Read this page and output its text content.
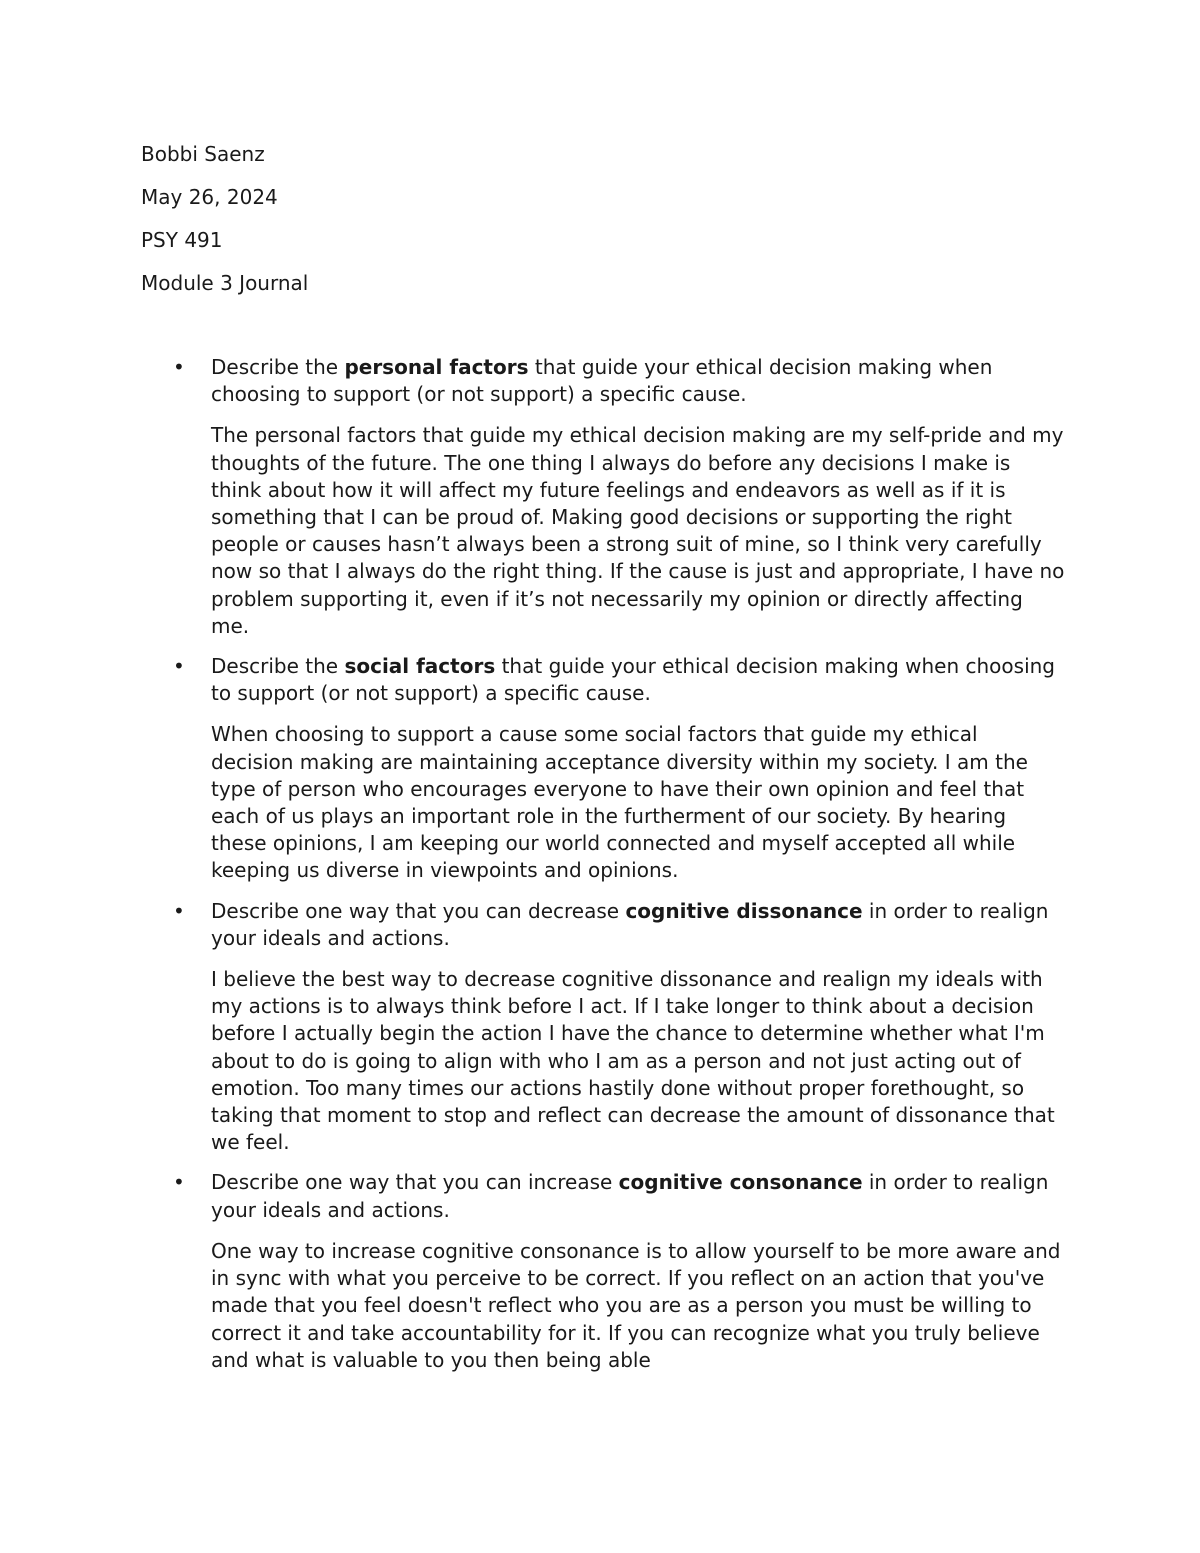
Bobbi Saenz
May 26, 2024
PSY 491
Module 3 Journal
• Describe the personal factors that guide your ethical decision making when choosing to support (or not support) a specific cause.
The personal factors that guide my ethical decision making are my self-pride and my thoughts of the future. The one thing I always do before any decisions I make is think about how it will affect my future feelings and endeavors as well as if it is something that I can be proud of. Making good decisions or supporting the right people or causes hasn’t always been a strong suit of mine, so I think very carefully now so that I always do the right thing. If the cause is just and appropriate, I have no problem supporting it, even if it’s not necessarily my opinion or directly affecting me.
• Describe the social factors that guide your ethical decision making when choosing to support (or not support) a specific cause.
When choosing to support a cause some social factors that guide my ethical decision making are maintaining acceptance diversity within my society. I am the type of person who encourages everyone to have their own opinion and feel that each of us plays an important role in the furtherment of our society. By hearing these opinions, I am keeping our world connected and myself accepted all while keeping us diverse in viewpoints and opinions.
• Describe one way that you can decrease cognitive dissonance in order to realign your ideals and actions.
I believe the best way to decrease cognitive dissonance and realign my ideals with my actions is to always think before I act. If I take longer to think about a decision before I actually begin the action I have the chance to determine whether what I'm about to do is going to align with who I am as a person and not just acting out of emotion. Too many times our actions hastily done without proper forethought, so taking that moment to stop and reflect can decrease the amount of dissonance that we feel.
• Describe one way that you can increase cognitive consonance in order to realign your ideals and actions.
One way to increase cognitive consonance is to allow yourself to be more aware and in sync with what you perceive to be correct. If you reflect on an action that you've made that you feel doesn't reflect who you are as a person you must be willing to correct it and take accountability for it. If you can recognize what you truly believe and what is valuable to you then being able
